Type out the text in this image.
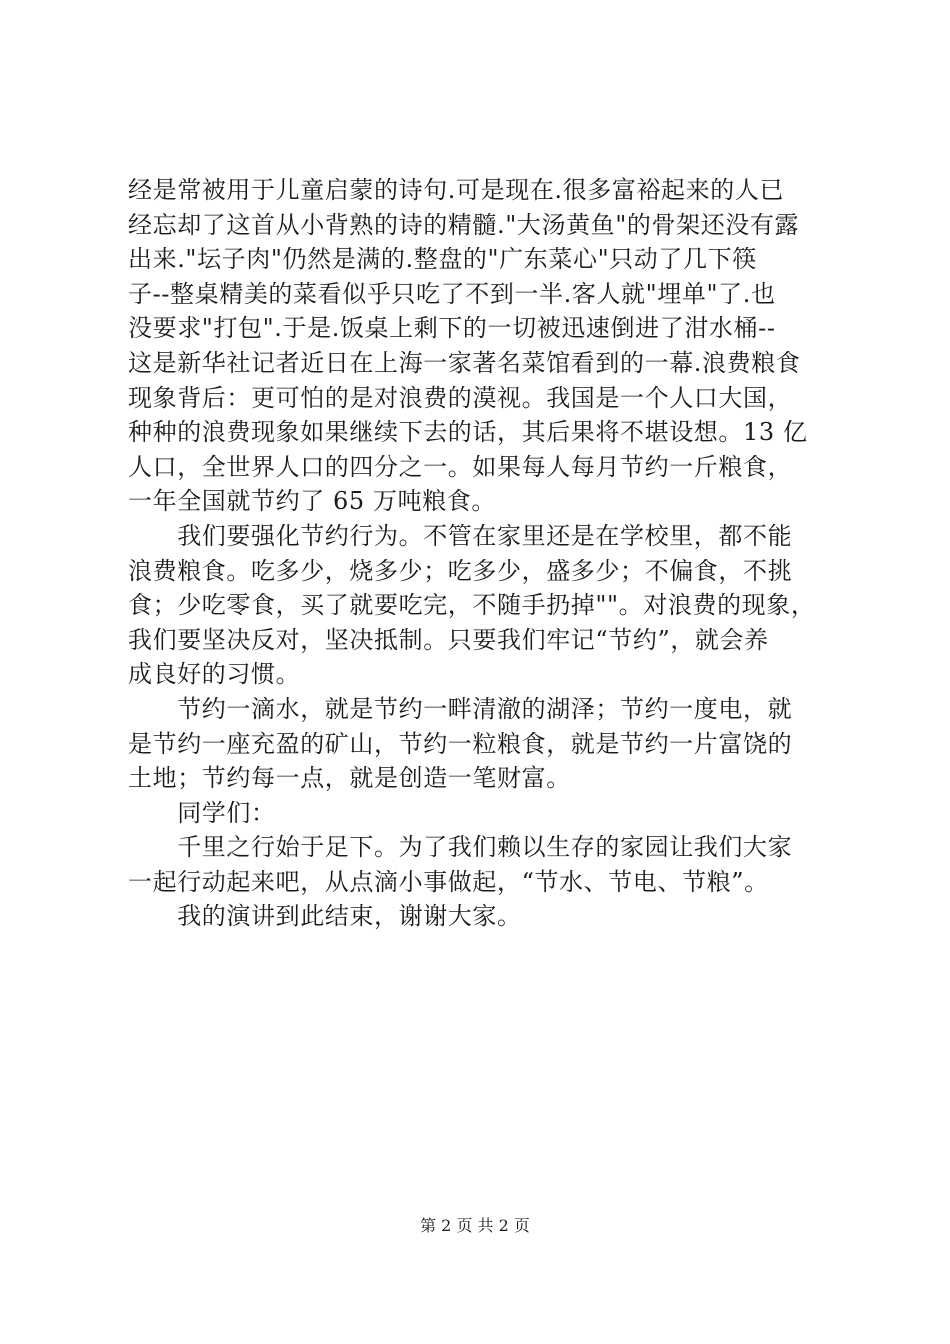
经是常被用于儿童启蒙的诗句.可是现在.很多富裕起来的人已
经忘却了这首从小背熟的诗的精髓."大汤黄鱼"的骨架还没有露
出来."坛子肉"仍然是满的.整盘的"广东菜心"只动了几下筷
子--整桌精美的菜看似乎只吃了不到一半.客人就"埋单"了.也
没要求"打包".于是.饭桌上剩下的一切被迅速倒进了泔水桶--
这是新华社记者近日在上海一家著名菜馆看到的一幕.浪费粮食
现象背后：更可怕的是对浪费的漠视。我国是一个人口大国，
种种的浪费现象如果继续下去的话，其后果将不堪设想。13 亿
人口，全世界人口的四分之一。如果每人每月节约一斤粮食，
一年全国就节约了 65 万吨粮食。

　　我们要强化节约行为。不管在家里还是在学校里，都不能
浪费粮食。吃多少，烧多少；吃多少，盛多少；不偏食，不挑
食；少吃零食，买了就要吃完，不随手扔掉""。对浪费的现象，
我们要坚决反对，坚决抵制。只要我们牢记“节约”，就会养
成良好的习惯。

　　节约一滴水，就是节约一畔清澈的湖泽；节约一度电，就
是节约一座充盈的矿山，节约一粒粮食，就是节约一片富饶的
土地；节约每一点，就是创造一笔财富。

　　同学们：

　　千里之行始于足下。为了我们赖以生存的家园让我们大家
一起行动起来吧，从点滴小事做起，“节水、节电、节粮”。

　　我的演讲到此结束，谢谢大家。

第 2 页 共 2 页
